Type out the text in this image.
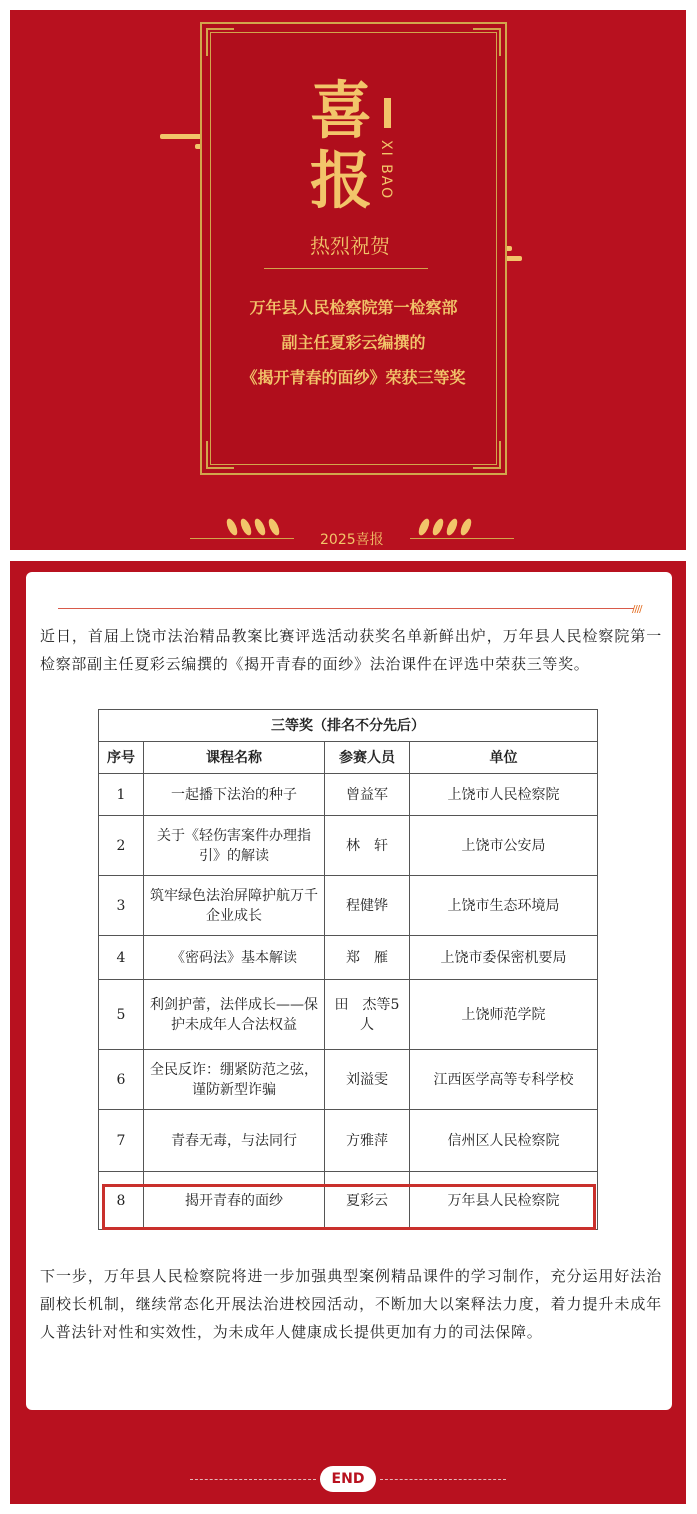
喜
报 XI BAO
热烈祝贺
万年县人民检察院第一检察部
副主任夏彩云编撰的
《揭开青春的面纱》荣获三等奖
2025喜报
////
近日，首届上饶市法治精品教案比赛评选活动获奖名单新鲜出炉，万年县人民检察院第一检察部副主任夏彩云编撰的《揭开青春的面纱》法治课件在评选中荣获三等奖。
三等奖（排名不分先后）			
序号	课程名称	参赛人员	单位
1	一起播下法治的种子	曾益军	上饶市人民检察院
2	关于《轻伤害案件办理指引》的解读	林　轩	上饶市公安局
3	筑牢绿色法治屏障护航万千企业成长	程健铧	上饶市生态环境局
4	《密码法》基本解读	郑　雁	上饶市委保密机要局
5	利剑护蕾，法伴成长——保护未成年人合法权益	田　杰等5人	上饶师范学院
6	全民反诈：绷紧防范之弦，谨防新型诈骗	刘溢雯	江西医学高等专科学校
7	青春无毒，与法同行	方雅萍	信州区人民检察院
8	揭开青春的面纱	夏彩云	万年县人民检察院
下一步，万年县人民检察院将进一步加强典型案例精品课件的学习制作，充分运用好法治副校长机制，继续常态化开展法治进校园活动，不断加大以案释法力度，着力提升未成年人普法针对性和实效性，为未成年人健康成长提供更加有力的司法保障。
END
